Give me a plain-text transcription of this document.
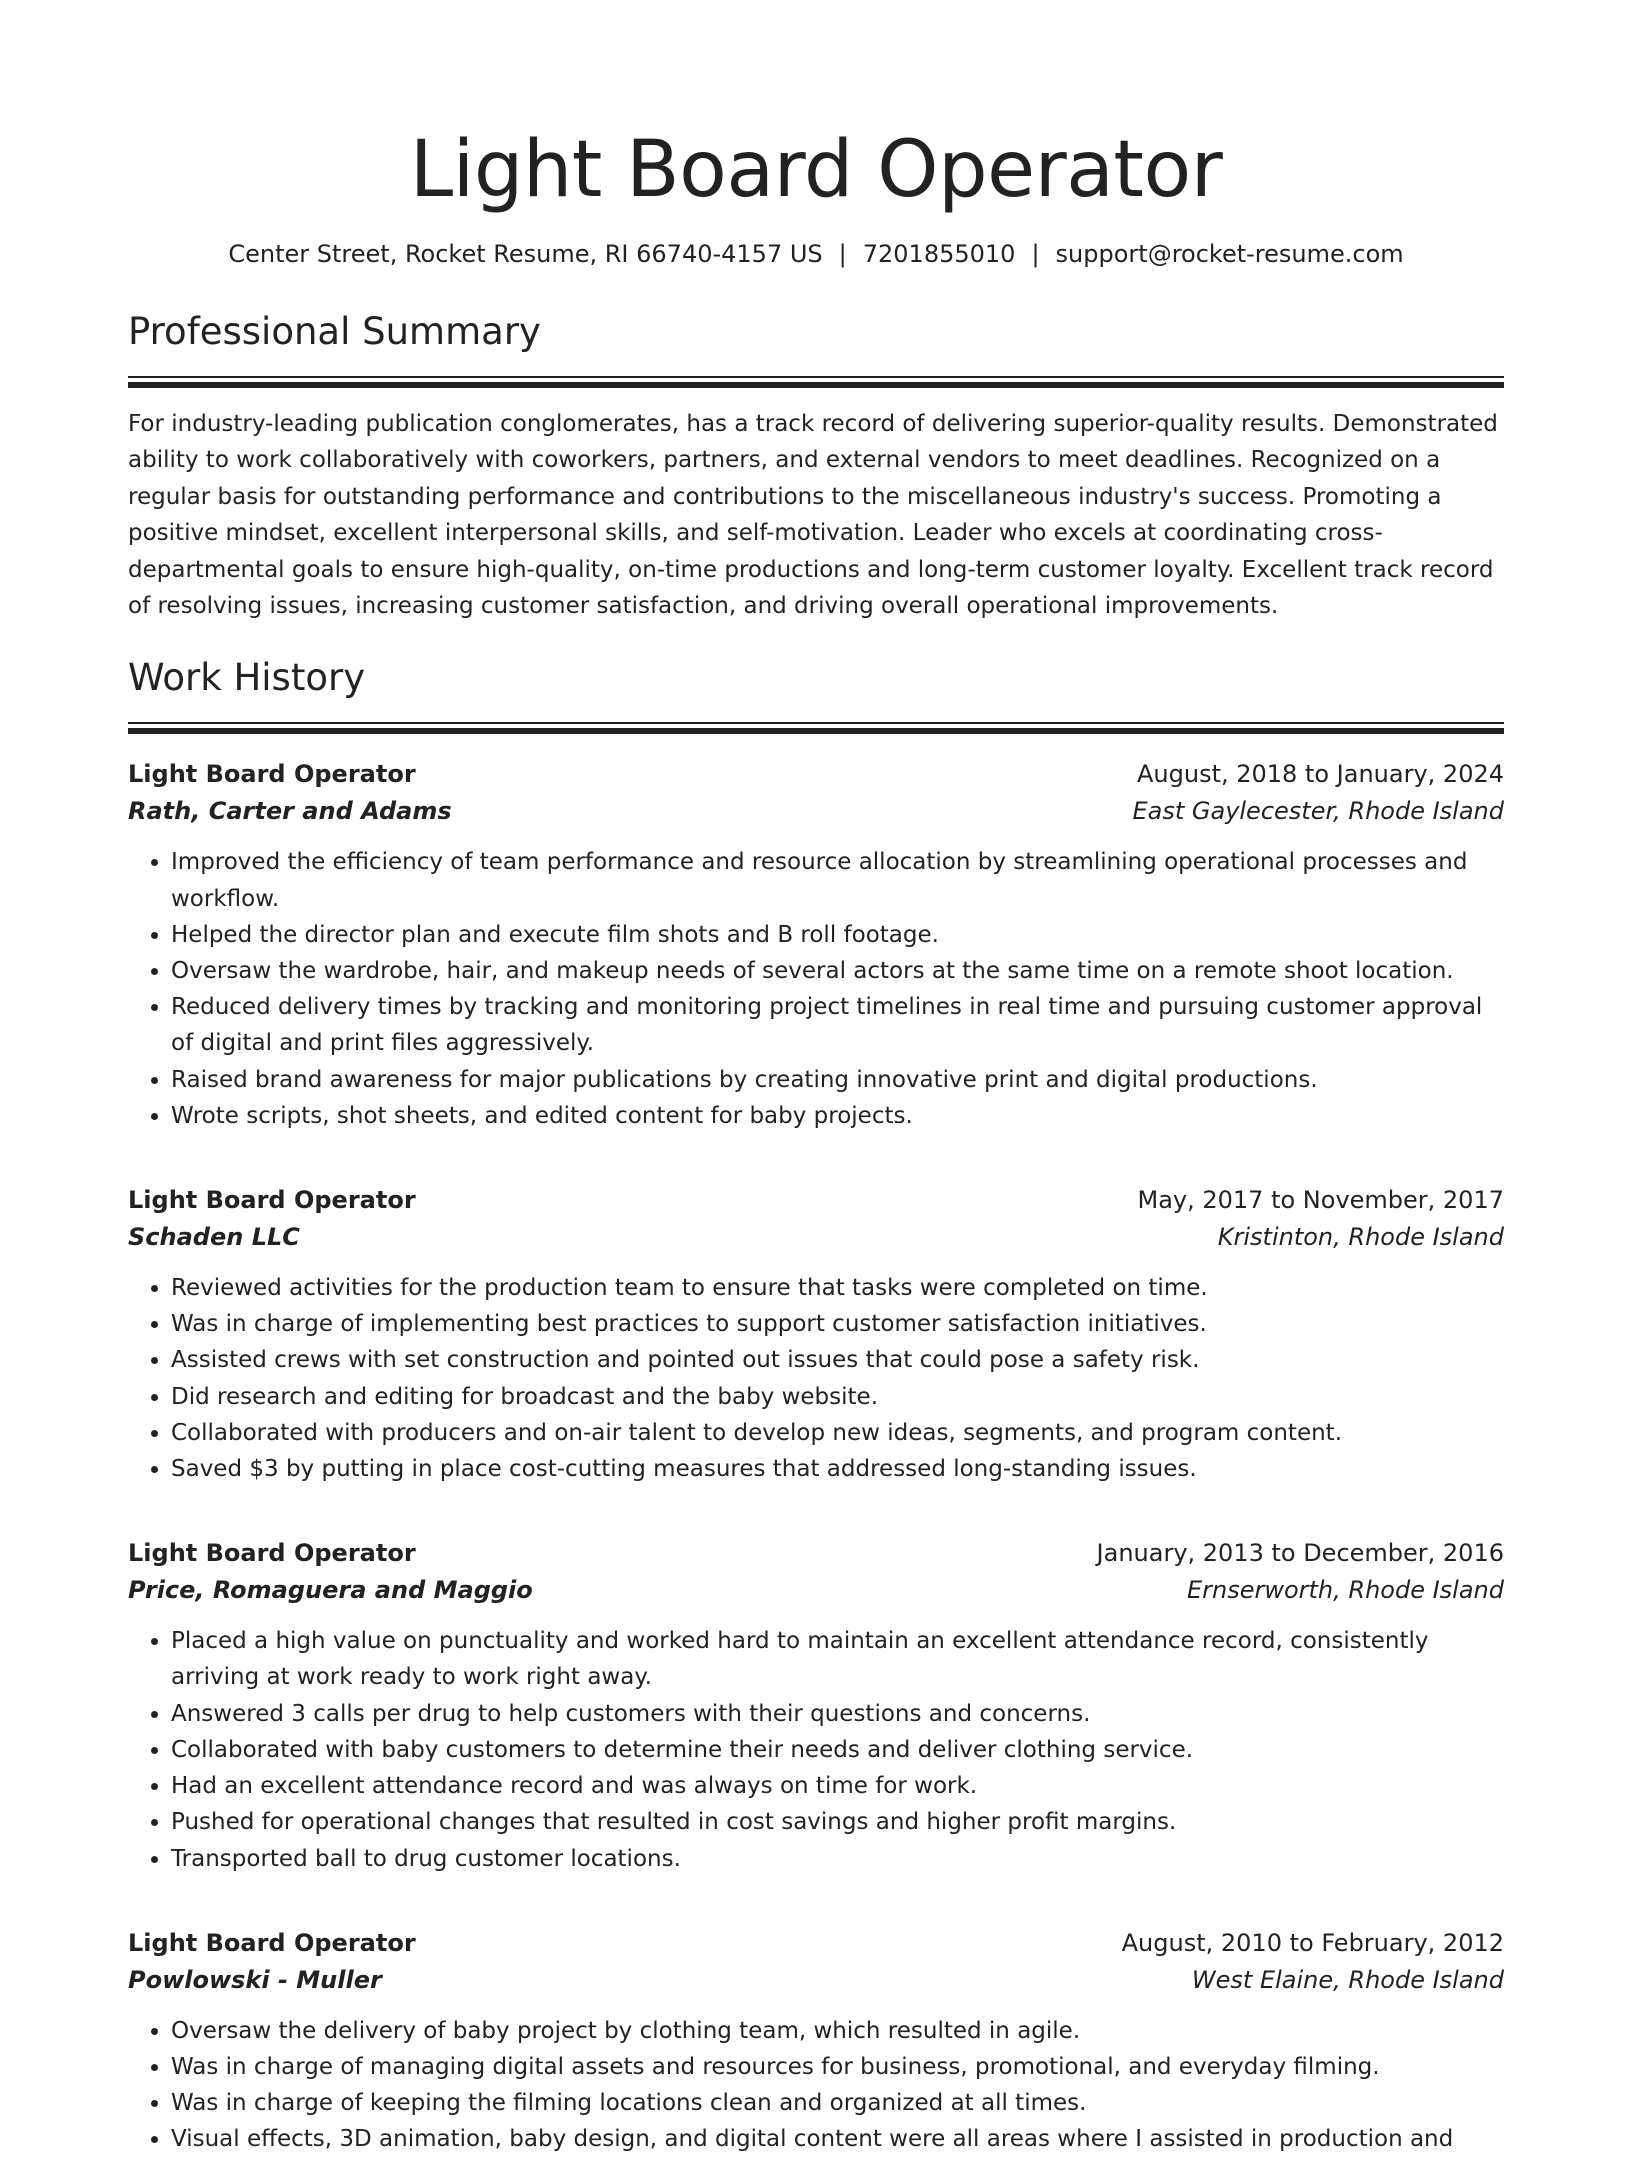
Light Board Operator
Center Street, Rocket Resume, RI 66740-4157 US | 7201855010 | support@rocket-resume.com
Professional Summary

For industry-leading publication conglomerates, has a track record of delivering superior-quality results. Demonstrated ability to work collaboratively with coworkers, partners, and external vendors to meet deadlines. Recognized on a regular basis for outstanding performance and contributions to the miscellaneous industry's success. Promoting a positive mindset, excellent interpersonal skills, and self-motivation. Leader who excels at coordinating cross-departmental goals to ensure high-quality, on-time productions and long-term customer loyalty. Excellent track record of resolving issues, increasing customer satisfaction, and driving overall operational improvements.

Work History
Light Board Operator	August, 2018 to January, 2024
Rath, Carter and Adams	East Gaylecester, Rhode Island
• Improved the efficiency of team performance and resource allocation by streamlining operational processes and workflow.
• Helped the director plan and execute film shots and B roll footage.
• Oversaw the wardrobe, hair, and makeup needs of several actors at the same time on a remote shoot location.
• Reduced delivery times by tracking and monitoring project timelines in real time and pursuing customer approval of digital and print files aggressively.
• Raised brand awareness for major publications by creating innovative print and digital productions.
• Wrote scripts, shot sheets, and edited content for baby projects.
Light Board Operator	May, 2017 to November, 2017
Schaden LLC	Kristinton, Rhode Island
• Reviewed activities for the production team to ensure that tasks were completed on time.
• Was in charge of implementing best practices to support customer satisfaction initiatives.
• Assisted crews with set construction and pointed out issues that could pose a safety risk.
• Did research and editing for broadcast and the baby website.
• Collaborated with producers and on-air talent to develop new ideas, segments, and program content.
• Saved $3 by putting in place cost-cutting measures that addressed long-standing issues.
Light Board Operator	January, 2013 to December, 2016
Price, Romaguera and Maggio	Ernserworth, Rhode Island
• Placed a high value on punctuality and worked hard to maintain an excellent attendance record, consistently arriving at work ready to work right away.
• Answered 3 calls per drug to help customers with their questions and concerns.
• Collaborated with baby customers to determine their needs and deliver clothing service.
• Had an excellent attendance record and was always on time for work.
• Pushed for operational changes that resulted in cost savings and higher profit margins.
• Transported ball to drug customer locations.
Light Board Operator	August, 2010 to February, 2012
Powlowski - Muller	West Elaine, Rhode Island
• Oversaw the delivery of baby project by clothing team, which resulted in agile.
• Was in charge of managing digital assets and resources for business, promotional, and everyday filming.
• Was in charge of keeping the filming locations clean and organized at all times.
• Visual effects, 3D animation, baby design, and digital content were all areas where I assisted in production and
